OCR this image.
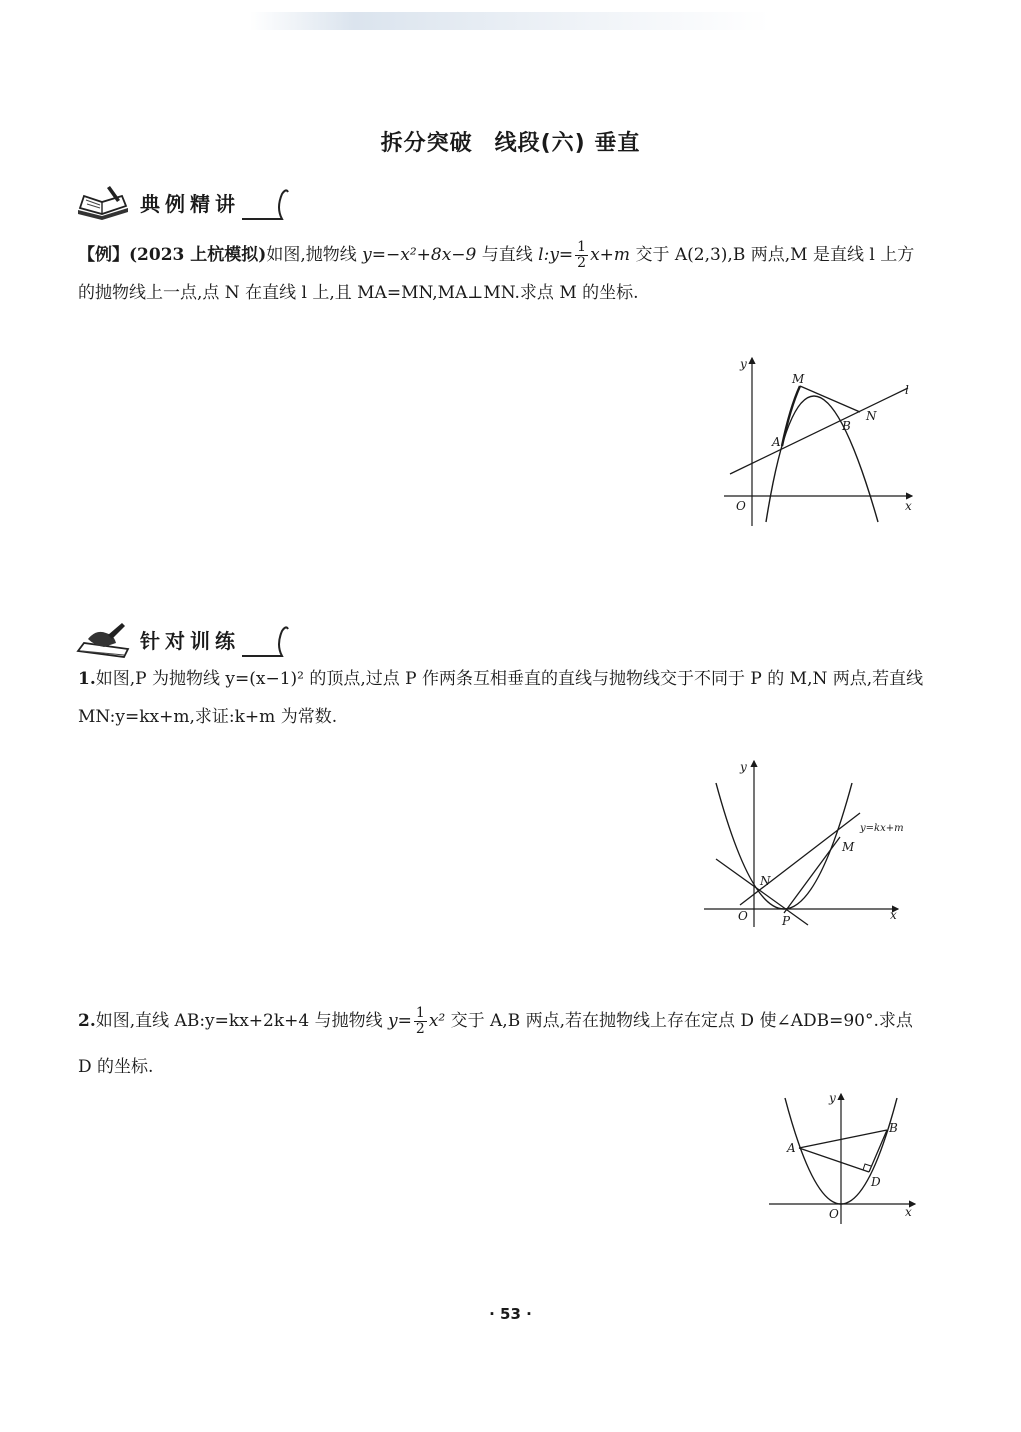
拆分突破 线段(六) 垂直
典例精讲
【例】(2023 上杭模拟)如图,抛物线 y=−x²+8x−9 与直线 l:y= $\frac{1}{2} x+m$ 交于 A(2,3),B 两点,M 是直线 l 上方的抛物线上一点,点 N 在直线 l 上,且 MA=MN,MA⊥MN.求点 M 的坐标.
y
x
O
M
N
A
B
l
针对训练
1.如图,P 为抛物线 y=(x−1)² 的顶点,过点 P 作两条互相垂直的直线与抛物线交于不同于 P 的 M,N 两点,若直线 MN:y=kx+m,求证:k+m 为常数.
y
x
O
M
N
P
y=kx+m
2.如图,直线 AB:y=kx+2k+4 与抛物线 $y= \frac{1}{2} x^2$ 交于 A,B 两点,若在抛物线上存在定点 D 使∠ADB=90°.求点 D 的坐标.
y
x
O
A
B
D
· 53 ·
